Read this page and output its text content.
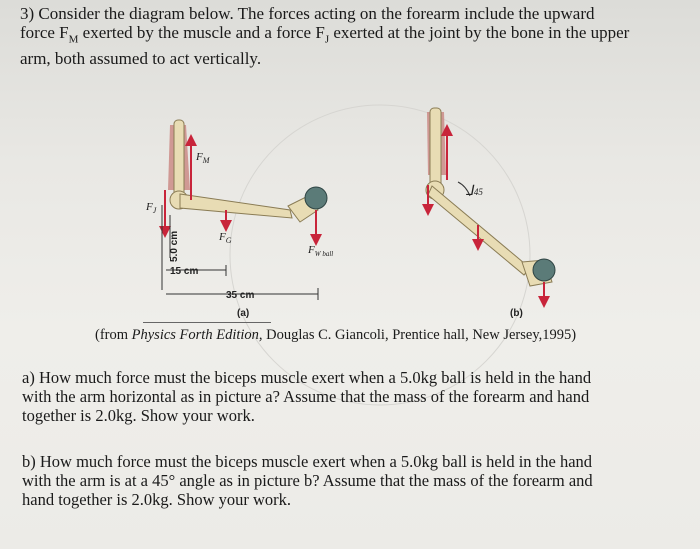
3) Consider the diagram below. The forces acting on the forearm include the upward
force $F_M$ exerted by the muscle and a force $F_J$ exerted at the joint by the bone in the upper
arm, both assumed to act vertically.
$F_M$
$F_J$
$F_G$
$F_{W ball}$
5.0 cm
15 cm
35 cm
(a)
⅃45
(b)

(from Physics Forth Edition, Douglas C. Giancoli, Prentice hall, New Jersey,1995)

a) How much force must the biceps muscle exert when a 5.0kg ball is held in the hand
with the arm horizontal as in picture a? Assume that the mass of the forearm and hand
together is 2.0kg. Show your work.
b) How much force must the biceps muscle exert when a 5.0kg ball is held in the hand
with the arm is at a 45° angle as in picture b? Assume that the mass of the forearm and
hand together is 2.0kg. Show your work.
